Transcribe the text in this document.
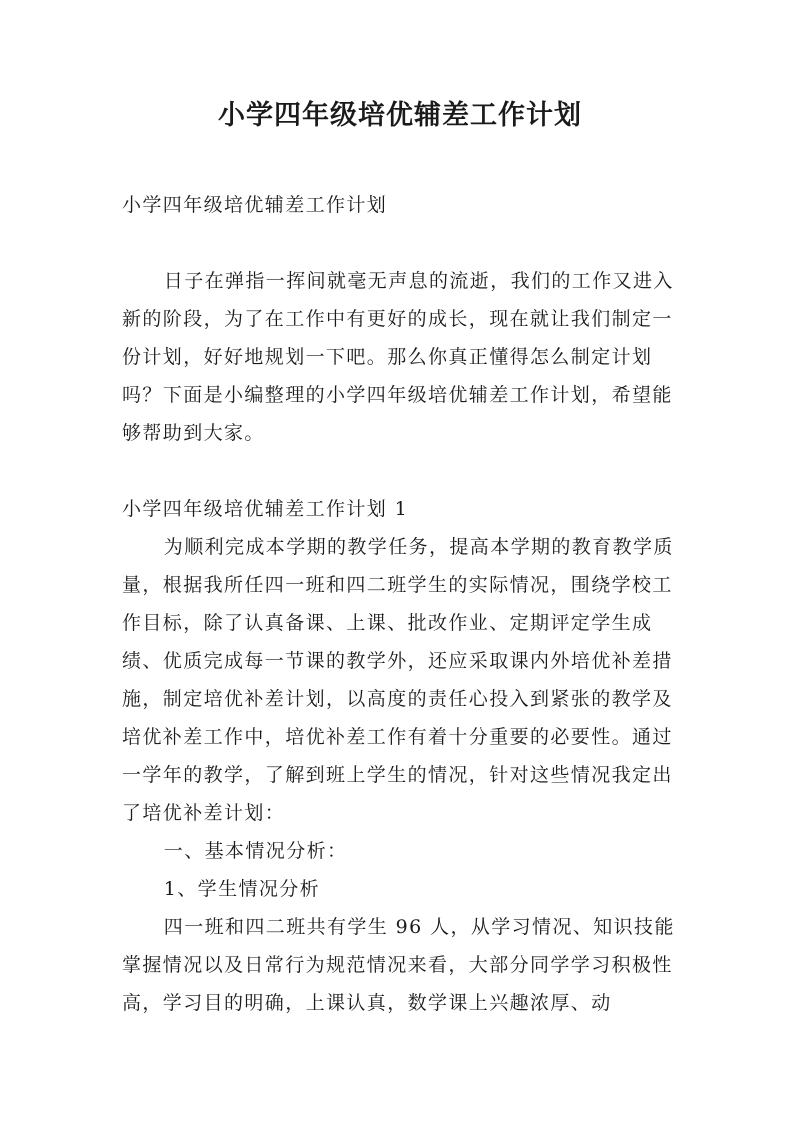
小学四年级培优辅差工作计划

小学四年级培优辅差工作计划

日子在弹指一挥间就毫无声息的流逝，我们的工作又进入新的阶段，为了在工作中有更好的成长，现在就让我们制定一份计划，好好地规划一下吧。那么你真正懂得怎么制定计划吗？下面是小编整理的小学四年级培优辅差工作计划，希望能够帮助到大家。

小学四年级培优辅差工作计划 1

为顺利完成本学期的教学任务，提高本学期的教育教学质量，根据我所任四一班和四二班学生的实际情况，围绕学校工作目标，除了认真备课、上课、批改作业、定期评定学生成绩、优质完成每一节课的教学外，还应采取课内外培优补差措施，制定培优补差计划，以高度的责任心投入到紧张的教学及培优补差工作中，培优补差工作有着十分重要的必要性。通过一学年的教学，了解到班上学生的情况，针对这些情况我定出了培优补差计划：

一、基本情况分析：

1、学生情况分析

四一班和四二班共有学生 96 人，从学习情况、知识技能掌握情况以及日常行为规范情况来看，大部分同学学习积极性高，学习目的明确，上课认真，数学课上兴趣浓厚、动
